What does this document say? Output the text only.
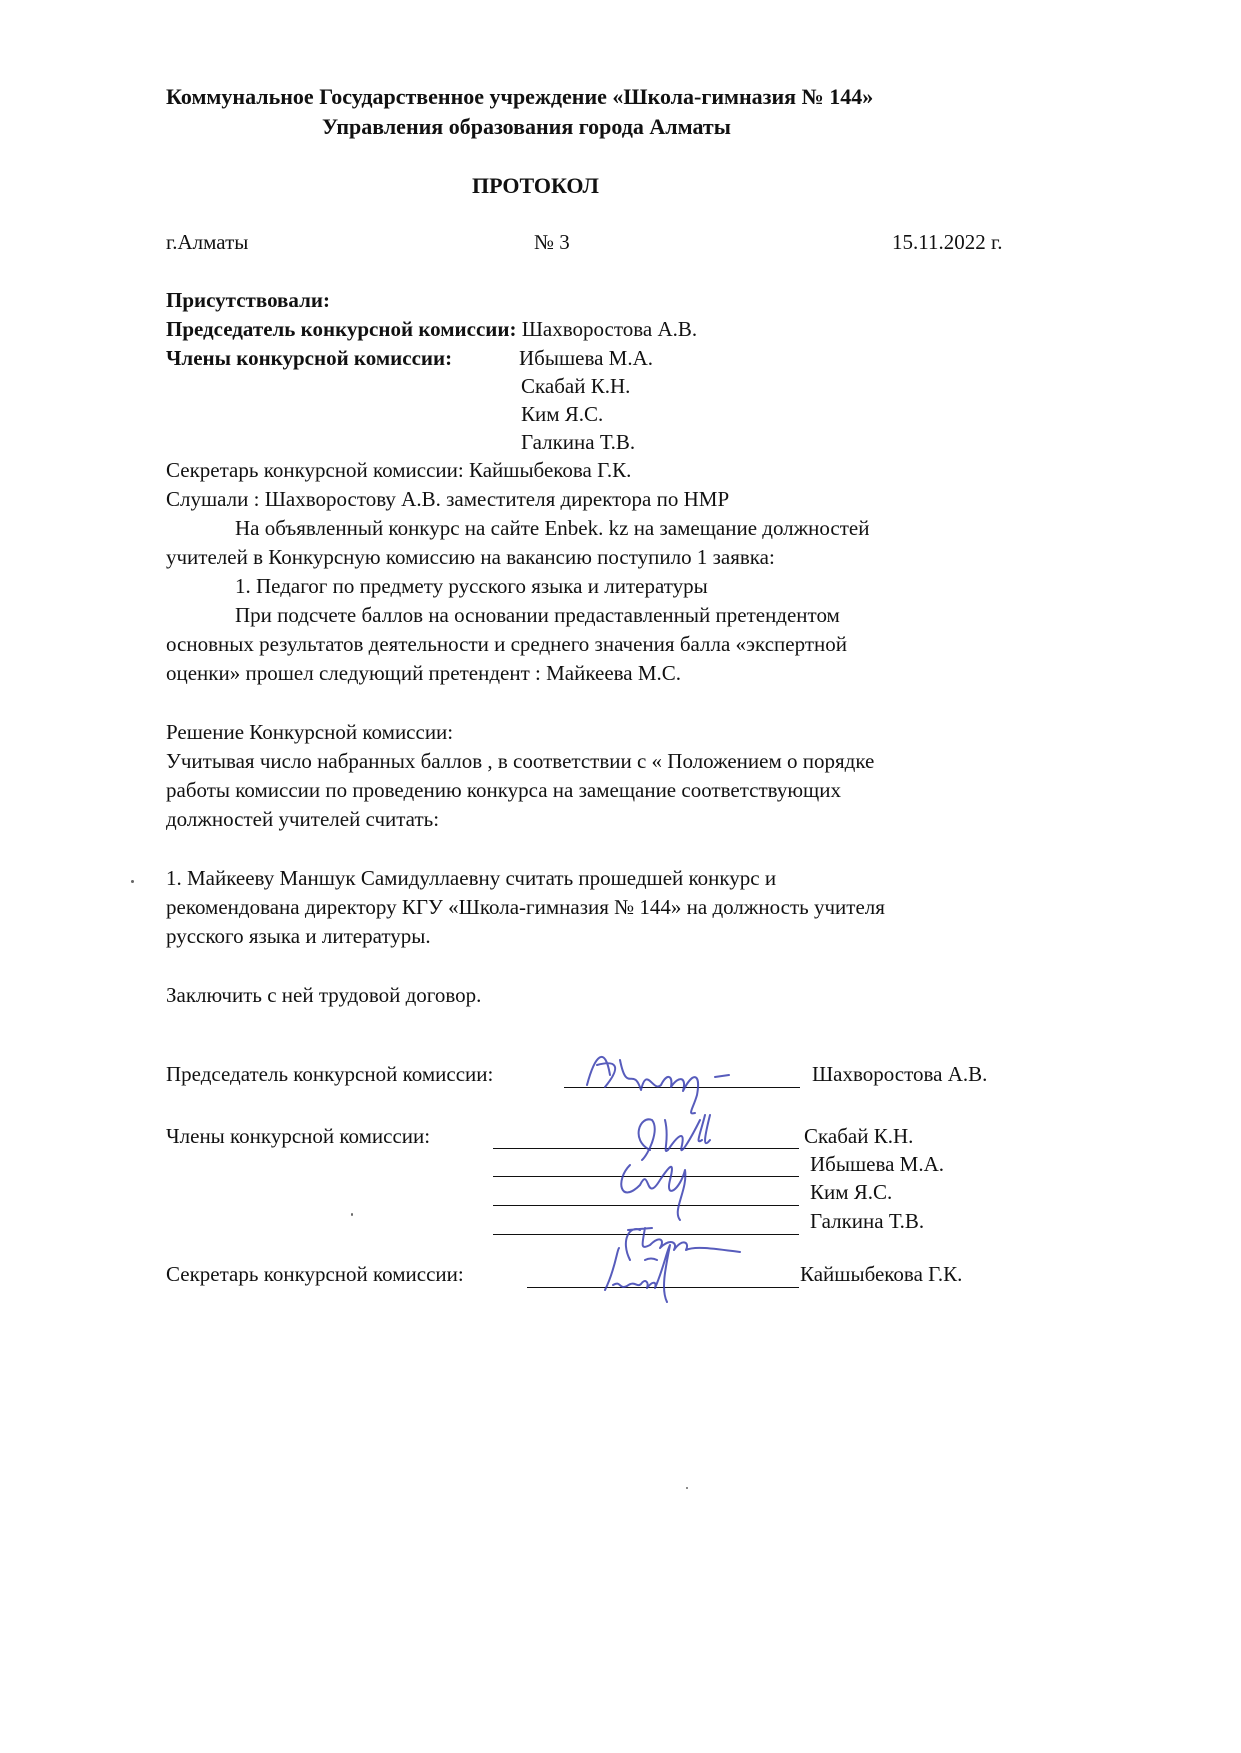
Коммунальное Государственное учреждение «Школа-гимназия № 144»
Управления образования города Алматы
ПРОТОКОЛ
г.Алматы	№ 3	15.11.2022 г.
Присутствовали:
Председатель конкурсной комиссии: Шахворостова А.В.
Члены конкурсной комиссии:	Ибышева М.А.
Скабай К.Н.
Ким Я.С.
Галкина Т.В.
Секретарь конкурсной комиссии: Кайшыбекова Г.К.
Слушали : Шахворостову А.В. заместителя директора по НМР
На объявленный конкурс на сайте Enbek. kz на замещание должностей
учителей в Конкурсную комиссию на вакансию поступило 1 заявка:
1. Педагог по предмету русского языка и литературы
При подсчете баллов на основании предаставленный претендентом
основных результатов деятельности и среднего значения балла «экспертной
оценки» прошел следующий претендент : Майкеева М.С.
Решение Конкурсной комиссии:
Учитывая число набранных баллов , в соответствии с « Положением о порядке
работы комиссии по проведению конкурса на замещание соответствующих
должностей учителей считать:
1. Майкееву Маншук Самидуллаевну считать прошедшей конкурс и
рекомендована директору КГУ «Школа-гимназия № 144» на должность учителя
русского языка и литературы.
Заключить с ней трудовой договор.
Председатель конкурсной комиссии:	Шахворостова А.В.
Члены конкурсной комиссии:	Скабай К.Н.
Ибышева М.А.
Ким Я.С.
Галкина Т.В.
Секретарь конкурсной комиссии:	Кайшыбекова Г.К.
